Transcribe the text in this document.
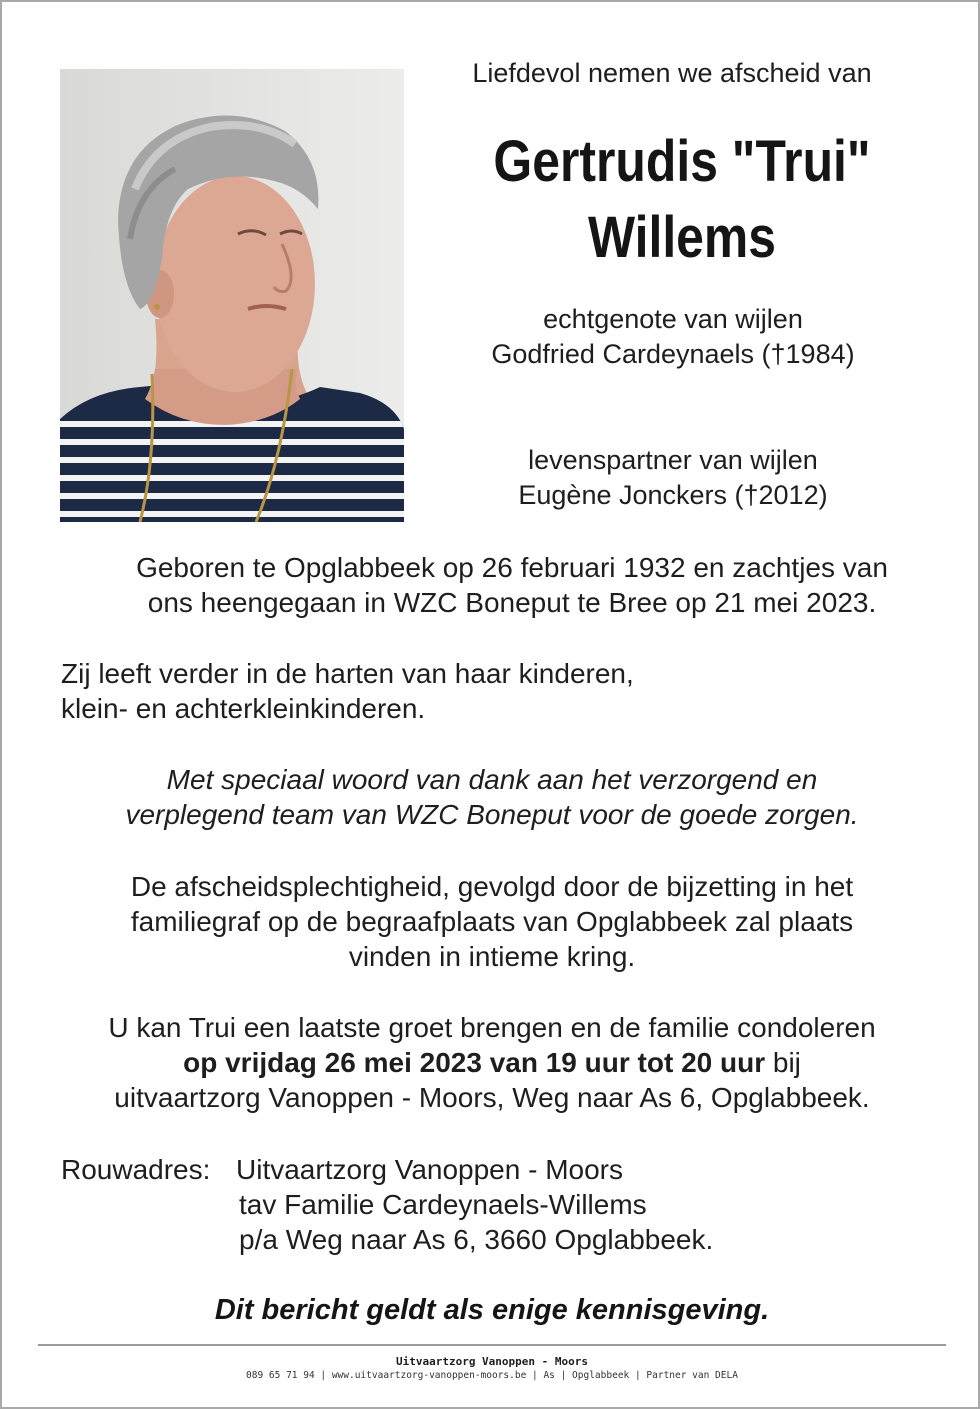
Liefdevol nemen we afscheid van
Gertrudis "Trui"
Willems
echtgenote van wijlen
Godfried Cardeynaels (†1984)
levenspartner van wijlen
Eugène Jonckers (†2012)
Geboren te Opglabbeek op 26 februari 1932 en zachtjes van
ons heengegaan in WZC Boneput te Bree op 21 mei 2023.
Zij leeft verder in de harten van haar kinderen,
klein- en achterkleinkinderen.
Met speciaal woord van dank aan het verzorgend en
verplegend team van WZC Boneput voor de goede zorgen.
De afscheidsplechtigheid, gevolgd door de bijzetting in het
familiegraf op de begraafplaats van Opglabbeek zal plaats
vinden in intieme kring.
U kan Trui een laatste groet brengen en de familie condoleren
op vrijdag 26 mei 2023 van 19 uur tot 20 uur bij
uitvaartzorg Vanoppen - Moors, Weg naar As 6, Opglabbeek.
Rouwadres: Uitvaartzorg Vanoppen - Moors
tav Familie Cardeynaels-Willems
p/a Weg naar As 6, 3660 Opglabbeek.
Dit bericht geldt als enige kennisgeving.
Uitvaartzorg Vanoppen - Moors
089 65 71 94 | www.uitvaartzorg-vanoppen-moors.be | As | Opglabbeek | Partner van DELA
